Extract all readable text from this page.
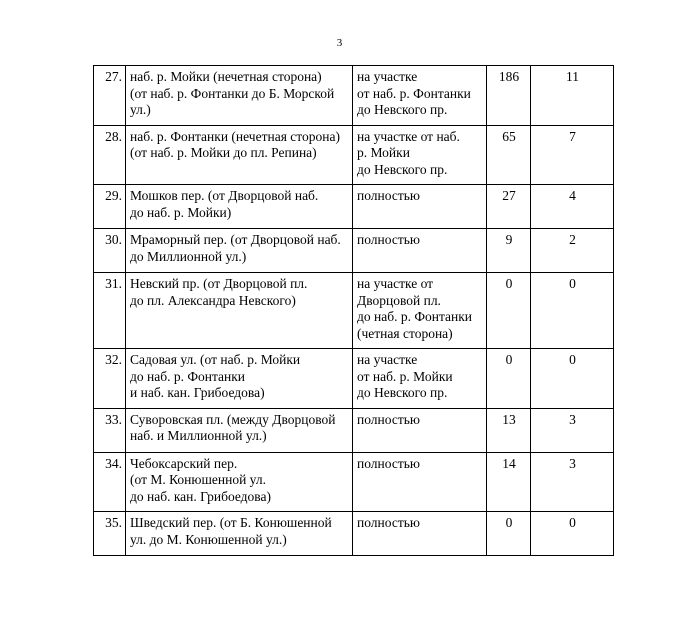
3
27.	наб. р. Мойки (нечетная сторона)
(от наб. р. Фонтанки до Б. Морской
ул.)	на участке
от наб. р. Фонтанки
до Невского пр.	186	11
28.	наб. р. Фонтанки (нечетная сторона)
(от наб. р. Мойки до пл. Репина)	на участке от наб.
р. Мойки
до Невского пр.	65	7
29.	Мошков пер. (от Дворцовой наб.
до наб. р. Мойки)	полностью	27	4
30.	Мраморный пер. (от Дворцовой наб.
до Миллионной ул.)	полностью	9	2
31.	Невский пр. (от Дворцовой пл.
до пл. Александра Невского)	на участке от
Дворцовой пл.
до наб. р. Фонтанки
(четная сторона)	0	0
32.	Садовая ул. (от наб. р. Мойки
до наб. р. Фонтанки
и наб. кан. Грибоедова)	на участке
от наб. р. Мойки
до Невского пр.	0	0
33.	Суворовская пл. (между Дворцовой
наб. и Миллионной ул.)	полностью	13	3
34.	Чебоксарский пер.
(от М. Конюшенной ул.
до наб. кан. Грибоедова)	полностью	14	3
35.	Шведский пер. (от Б. Конюшенной
ул. до М. Конюшенной ул.)	полностью	0	0
